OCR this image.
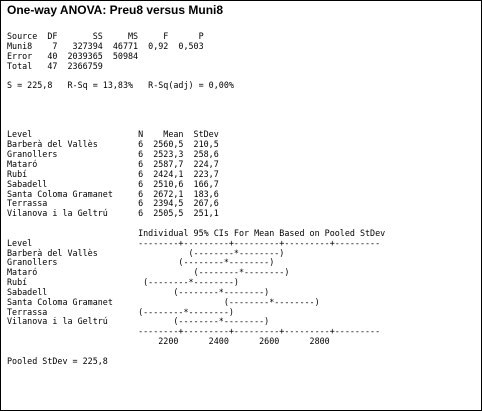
One-way ANOVA: Preu8 versus Muni8
Source  DF       SS     MS     F      P
Muni8    7   327394  46771  0,92  0,503
Error   40  2039365  50984
Total   47  2366759
S = 225,8   R-Sq = 13,83%   R-Sq(adj) = 0,00%
Level                     N    Mean  StDev
Barberà del Vallès        6  2560,5  210,5
Granollers                6  2523,3  258,6
Mataró                    6  2587,7  224,7
Rubí                      6  2424,1  223,7
Sabadell                  6  2510,6  166,7
Santa Coloma Gramanet     6  2672,1  183,6
Terrassa                  6  2394,5  267,6
Vilanova i la Geltrú      6  2505,5  251,1
Individual 95% CIs For Mean Based on Pooled StDev
Level                     --------+---------+---------+---------+---------
Barberà del Vallès                  (--------*--------)
Granollers                        (--------*--------)
Mataró                               (--------*--------)
Rubí                       (--------*--------)
Sabadell                         (--------*--------)
Santa Coloma Gramanet                      (--------*--------)
Terrassa                  (--------*--------)
Vilanova i la Geltrú             (--------*--------)
--------+---------+---------+---------+---------
2200      2400      2600      2800
Pooled StDev = 225,8
